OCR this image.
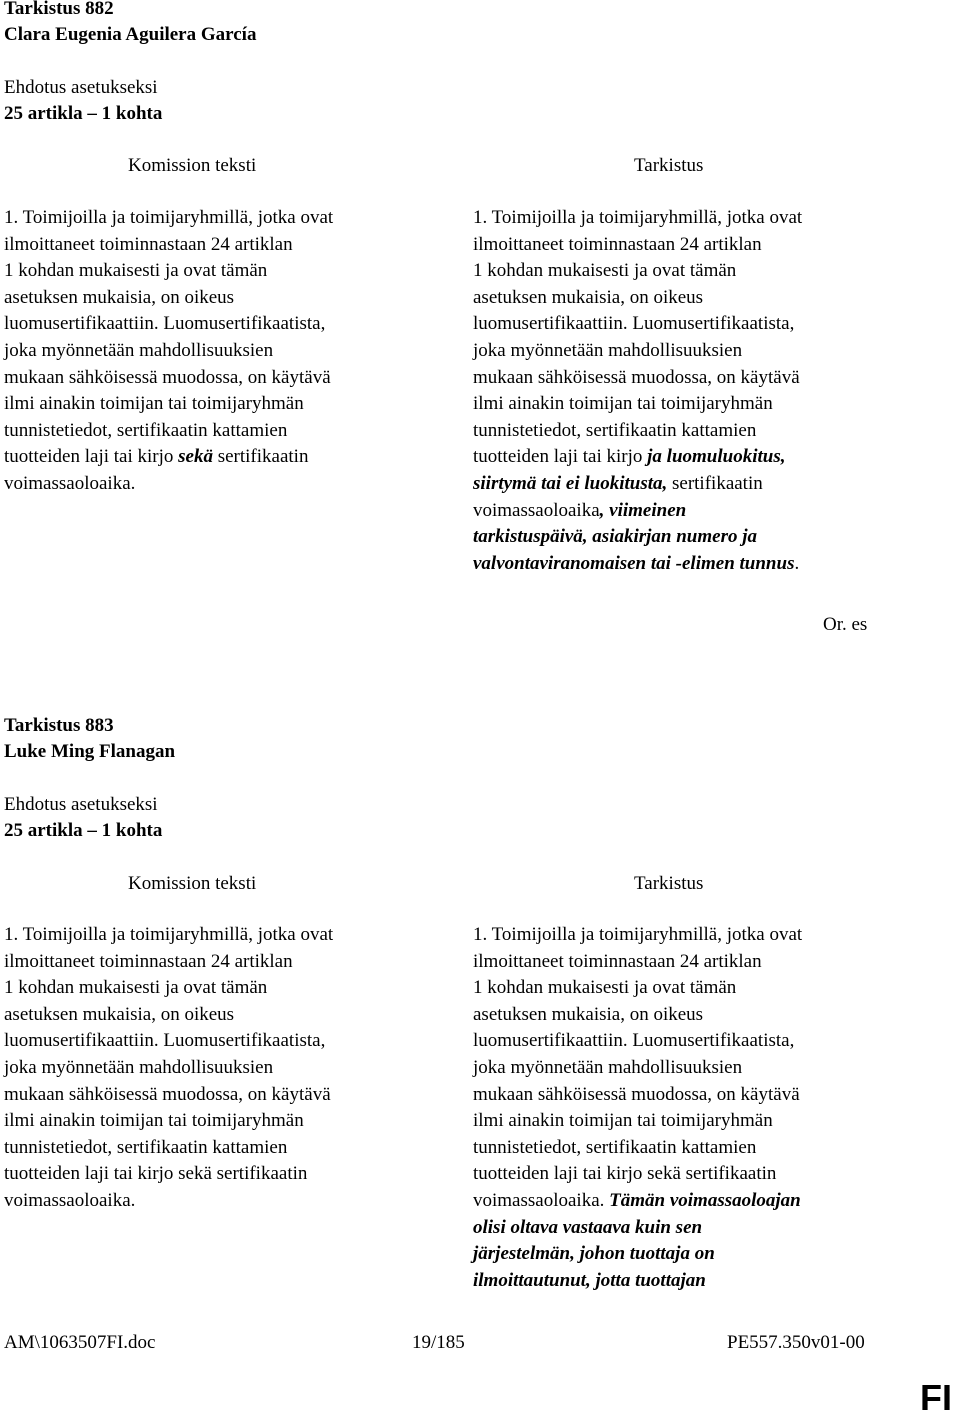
Tarkistus 882
Clara Eugenia Aguilera García
Ehdotus asetukseksi
25 artikla – 1 kohta
Komission teksti	Tarkistus

1. Toimijoilla ja toimijaryhmillä, jotka ovat
ilmoittaneet toiminnastaan 24 artiklan
1 kohdan mukaisesti ja ovat tämän
asetuksen mukaisia, on oikeus
luomusertifikaattiin. Luomusertifikaatista,
joka myönnetään mahdollisuuksien
mukaan sähköisessä muodossa, on käytävä
ilmi ainakin toimijan tai toimijaryhmän
tunnistetiedot, sertifikaatin kattamien
tuotteiden laji tai kirjo sekä sertifikaatin
voimassaoloaika.

1. Toimijoilla ja toimijaryhmillä, jotka ovat
ilmoittaneet toiminnastaan 24 artiklan
1 kohdan mukaisesti ja ovat tämän
asetuksen mukaisia, on oikeus
luomusertifikaattiin. Luomusertifikaatista,
joka myönnetään mahdollisuuksien
mukaan sähköisessä muodossa, on käytävä
ilmi ainakin toimijan tai toimijaryhmän
tunnistetiedot, sertifikaatin kattamien
tuotteiden laji tai kirjo ja luomuluokitus,
siirtymä tai ei luokitusta, sertifikaatin
voimassaoloaika, viimeinen
tarkistuspäivä, asiakirjan numero ja
valvontaviranomaisen tai -elimen tunnus.

Or. es
Tarkistus 883
Luke Ming Flanagan
Ehdotus asetukseksi
25 artikla – 1 kohta
Komission teksti	Tarkistus

1. Toimijoilla ja toimijaryhmillä, jotka ovat
ilmoittaneet toiminnastaan 24 artiklan
1 kohdan mukaisesti ja ovat tämän
asetuksen mukaisia, on oikeus
luomusertifikaattiin. Luomusertifikaatista,
joka myönnetään mahdollisuuksien
mukaan sähköisessä muodossa, on käytävä
ilmi ainakin toimijan tai toimijaryhmän
tunnistetiedot, sertifikaatin kattamien
tuotteiden laji tai kirjo sekä sertifikaatin
voimassaoloaika.

1. Toimijoilla ja toimijaryhmillä, jotka ovat
ilmoittaneet toiminnastaan 24 artiklan
1 kohdan mukaisesti ja ovat tämän
asetuksen mukaisia, on oikeus
luomusertifikaattiin. Luomusertifikaatista,
joka myönnetään mahdollisuuksien
mukaan sähköisessä muodossa, on käytävä
ilmi ainakin toimijan tai toimijaryhmän
tunnistetiedot, sertifikaatin kattamien
tuotteiden laji tai kirjo sekä sertifikaatin
voimassaoloaika. Tämän voimassaoloajan
olisi oltava vastaava kuin sen
järjestelmän, johon tuottaja on
ilmoittautunut, jotta tuottajan

AM\1063507FI.doc	19/185	PE557.350v01-00
FI
